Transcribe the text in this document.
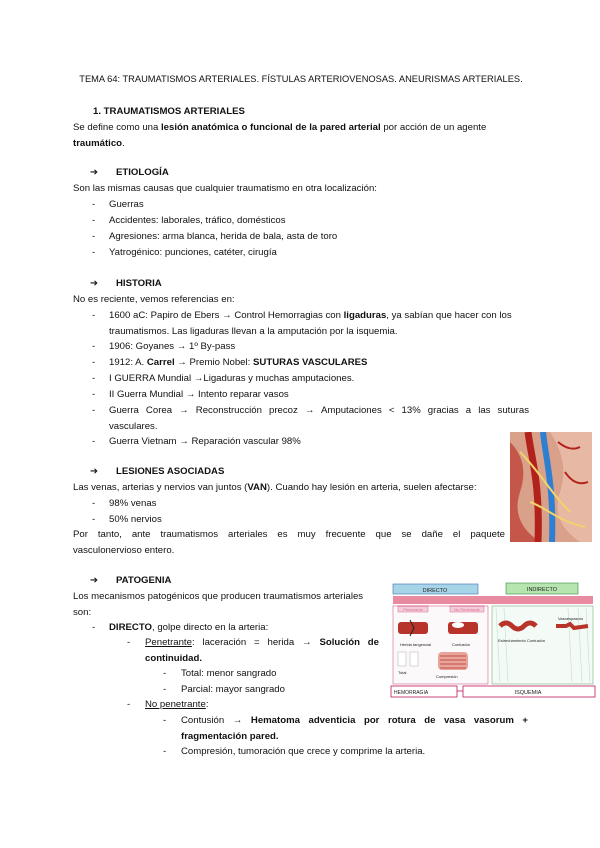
TEMA 64: TRAUMATISMOS ARTERIALES. FÍSTULAS ARTERIOVENOSAS. ANEURISMAS ARTERIALES.
1. TRAUMATISMOS ARTERIALES
Se define como una lesión anatómica o funcional de la pared arterial por acción de un agente
traumático.
➔ ETIOLOGÍA
Son las mismas causas que cualquier traumatismo en otra localización:
- Guerras
- Accidentes: laborales, tráfico, domésticos
- Agresiones: arma blanca, herida de bala, asta de toro
- Yatrogénico: punciones, catéter, cirugía
➔ HISTORIA
No es reciente, vemos referencias en:
- 1600 aC: Papiro de Ebers → Control Hemorragias con ligaduras, ya sabían que hacer con los
traumatismos. Las ligaduras llevan a la amputación por la isquemia.
- 1906: Goyanes → 1º By-pass
- 1912: A. Carrel → Premio Nobel: SUTURAS VASCULARES
- I GUERRA Mundial →Ligaduras y muchas amputaciones.
- II Guerra Mundial → Intento reparar vasos
- Guerra Corea → Reconstrucción precoz → Amputaciones < 13% gracias a las suturas
vasculares.
- Guerra Vietnam → Reparación vascular 98%
➔ LESIONES ASOCIADAS
Las venas, arterias y nervios van juntos (VAN). Cuando hay lesión en arteria, suelen afectarse:
- 98% venas
- 50% nervios
Por tanto, ante traumatismos arteriales es muy frecuente que se dañe el paquete
vasculonervioso entero.
➔ PATOGENIA
Los mecanismos patogénicos que producen traumatismos arteriales
son:
- DIRECTO, golpe directo en la arteria:
- Penetrante: laceración = herida → Solución de
continuidad.
- Total: menor sangrado
- Parcial: mayor sangrado
- No penetrante:
- Contusión → Hematoma adventicia por rotura de vasa vasorum +
fragmentación pared.
- Compresión, tumoración que crece y comprime la arteria.
DIRECTO	INDIRECTO
Penetrante	No Penetrante
Herida tangencial	Contusión
Compresión
Total
Estrechamiento Contusión
Vasoespasmo
HEMORRAGIA	ISQUEMIA
